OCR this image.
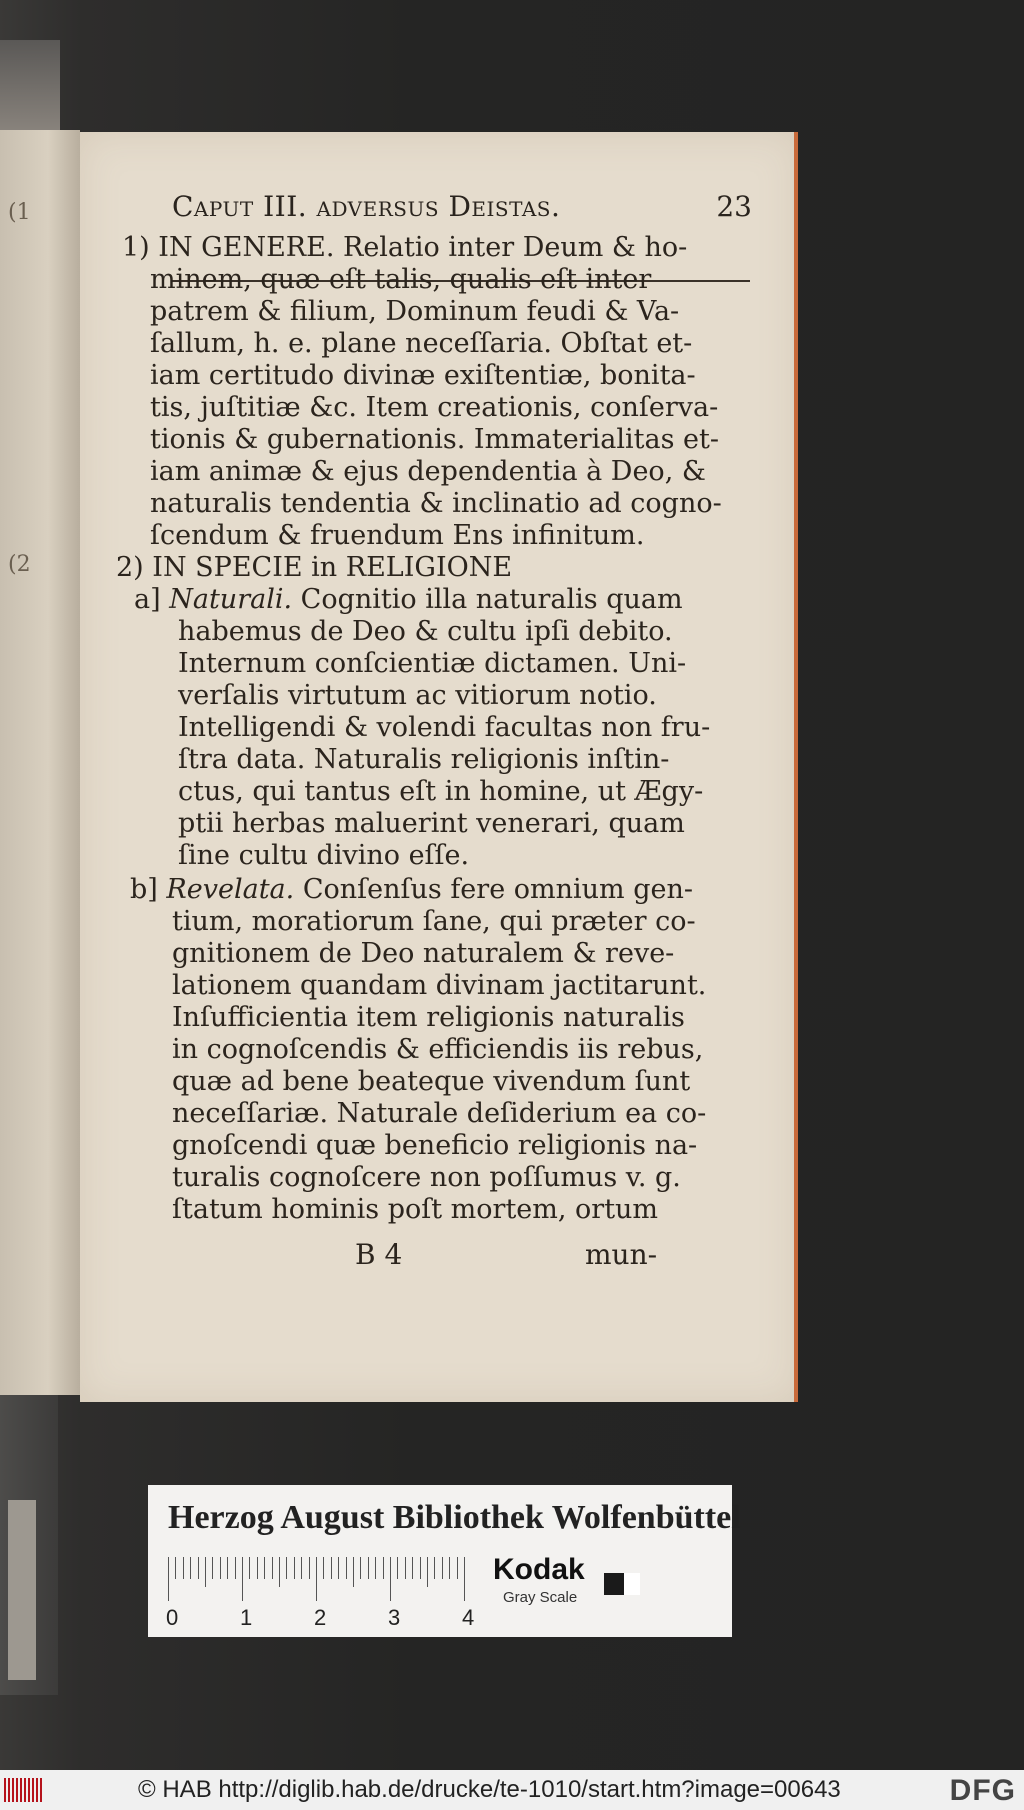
(1
(2
Caput III. adversus Deistas.	23
1) IN GENERE. Relatio inter Deum & ho-
minem, quæ eſt talis, qualis eſt inter
patrem & filium, Dominum feudi & Va-
ſallum, h. e. plane neceſſaria. Obſtat et-
iam certitudo divinæ exiſtentiæ, bonita-
tis, juſtitiæ &c. Item creationis, conſerva-
tionis & gubernationis. Immaterialitas et-
iam animæ & ejus dependentia à Deo, &
naturalis tendentia & inclinatio ad cogno-
ſcendum & fruendum Ens infinitum.
2) IN SPECIE in RELIGIONE
a] Naturali. Cognitio illa naturalis quam
habemus de Deo & cultu ipſi debito.
Internum conſcientiæ dictamen. Uni-
verſalis virtutum ac vitiorum notio.
Intelligendi & volendi facultas non fru-
ſtra data. Naturalis religionis inſtin-
ctus, qui tantus eſt in homine, ut Ægy-
ptii herbas maluerint venerari, quam
ſine cultu divino eſſe.
b] Revelata. Conſenſus fere omnium gen-
tium, moratiorum ſane, qui præter co-
gnitionem de Deo naturalem & reve-
lationem quandam divinam jactitarunt.
Inſufficientia item religionis naturalis
in cognoſcendis & efficiendis iis rebus,
quæ ad bene beateque vivendum ſunt
neceſſariæ. Naturale deſiderium ea co-
gnoſcendi quæ beneficio religionis na-
turalis cognoſcere non poſſumus v. g.
ſtatum hominis poſt mortem, ortum
B 4	mun-
Herzog August Bibliothek Wolfenbüttel
0	1	2	3	4
Kodak
Gray Scale
© HAB http://diglib.hab.de/drucke/te-1010/start.htm?image=00643	DFG
